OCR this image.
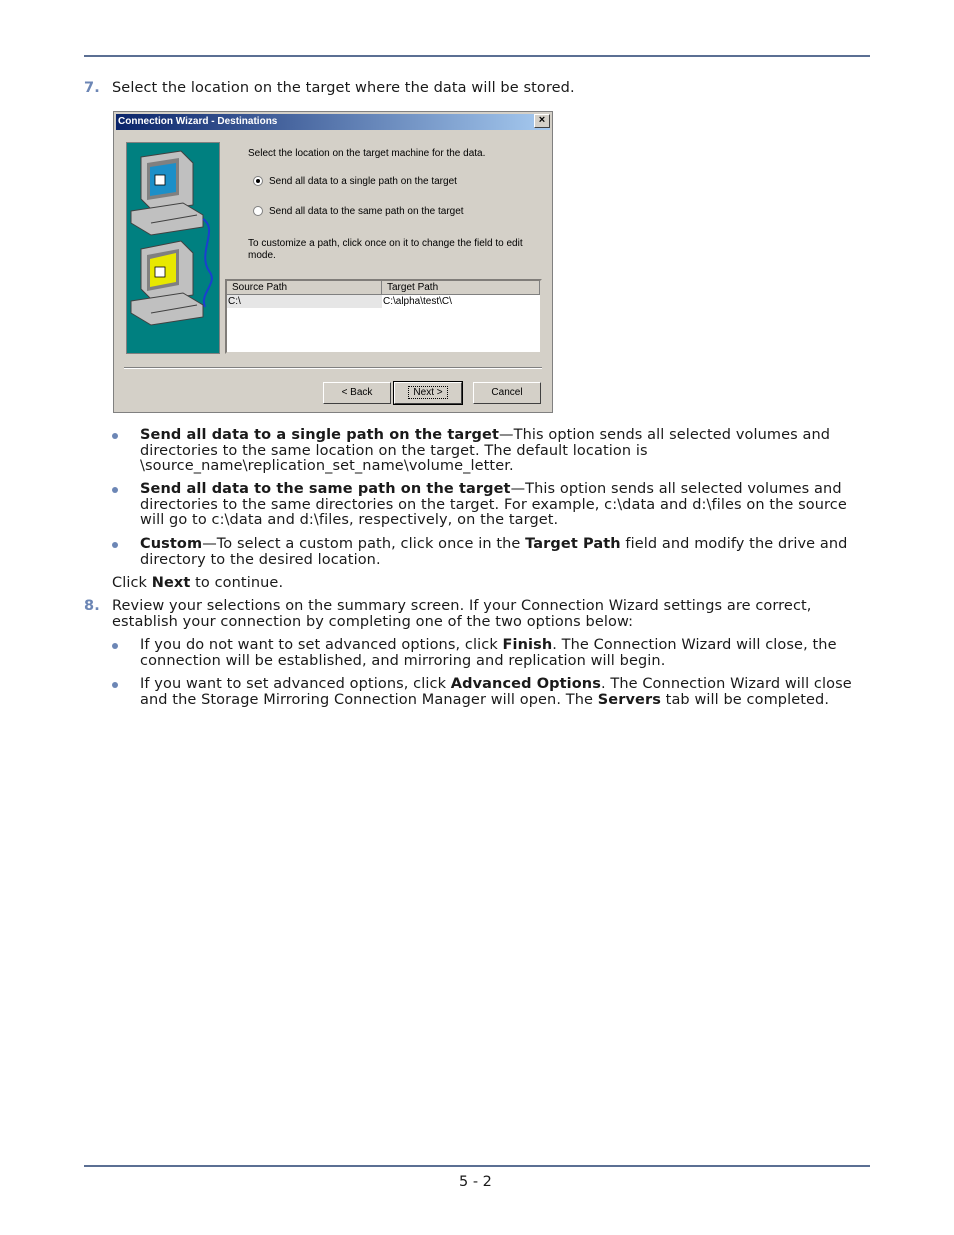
7. Select the location on the target where the data will be stored.
Connection Wizard - Destinations	×
Select the location on the target machine for the data.
Send all data to a single path on the target
Send all data to the same path on the target
To customize a path, click once on it to change the field to edit mode.
Source Path	Target Path
C:\	C:\alpha\test\C\
< Back	Next >	Cancel
Send all data to a single path on the target—This option sends all selected volumes and directories to the same location on the target. The default location is \source_name\replication_set_name\volume_letter.
Send all data to the same path on the target—This option sends all selected volumes and directories to the same directories on the target. For example, c:\data and d:\files on the source will go to c:\data and d:\files, respectively, on the target.
Custom—To select a custom path, click once in the Target Path field and modify the drive and directory to the desired location.
Click Next to continue.
8. Review your selections on the summary screen. If your Connection Wizard settings are correct, establish your connection by completing one of the two options below:
If you do not want to set advanced options, click Finish. The Connection Wizard will close, the connection will be established, and mirroring and replication will begin.
If you want to set advanced options, click Advanced Options. The Connection Wizard will close and the Storage Mirroring Connection Manager will open. The Servers tab will be completed.
5 - 2
